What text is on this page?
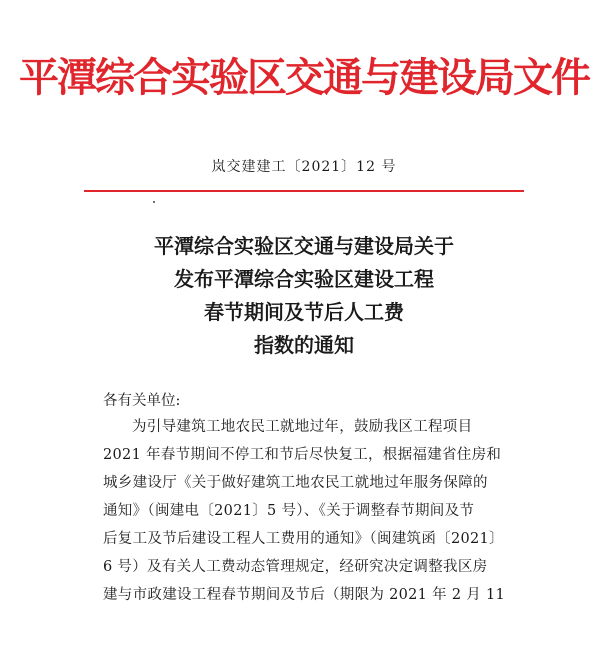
平潭综合实验区交通与建设局文件
岚交建建工〔2021〕12 号
平潭综合实验区交通与建设局关于
发布平潭综合实验区建设工程
春节期间及节后人工费
指数的通知
各有关单位:
为引导建筑工地农民工就地过年，鼓励我区工程项目
2021 年春节期间不停工和节后尽快复工，根据福建省住房和
城乡建设厅《关于做好建筑工地农民工就地过年服务保障的
通知》（闽建电〔2021〕5 号）、《关于调整春节期间及节
后复工及节后建设工程人工费用的通知》（闽建筑函〔2021〕
6 号）及有关人工费动态管理规定，经研究决定调整我区房
建与市政建设工程春节期间及节后（期限为 2021 年 2 月 11
